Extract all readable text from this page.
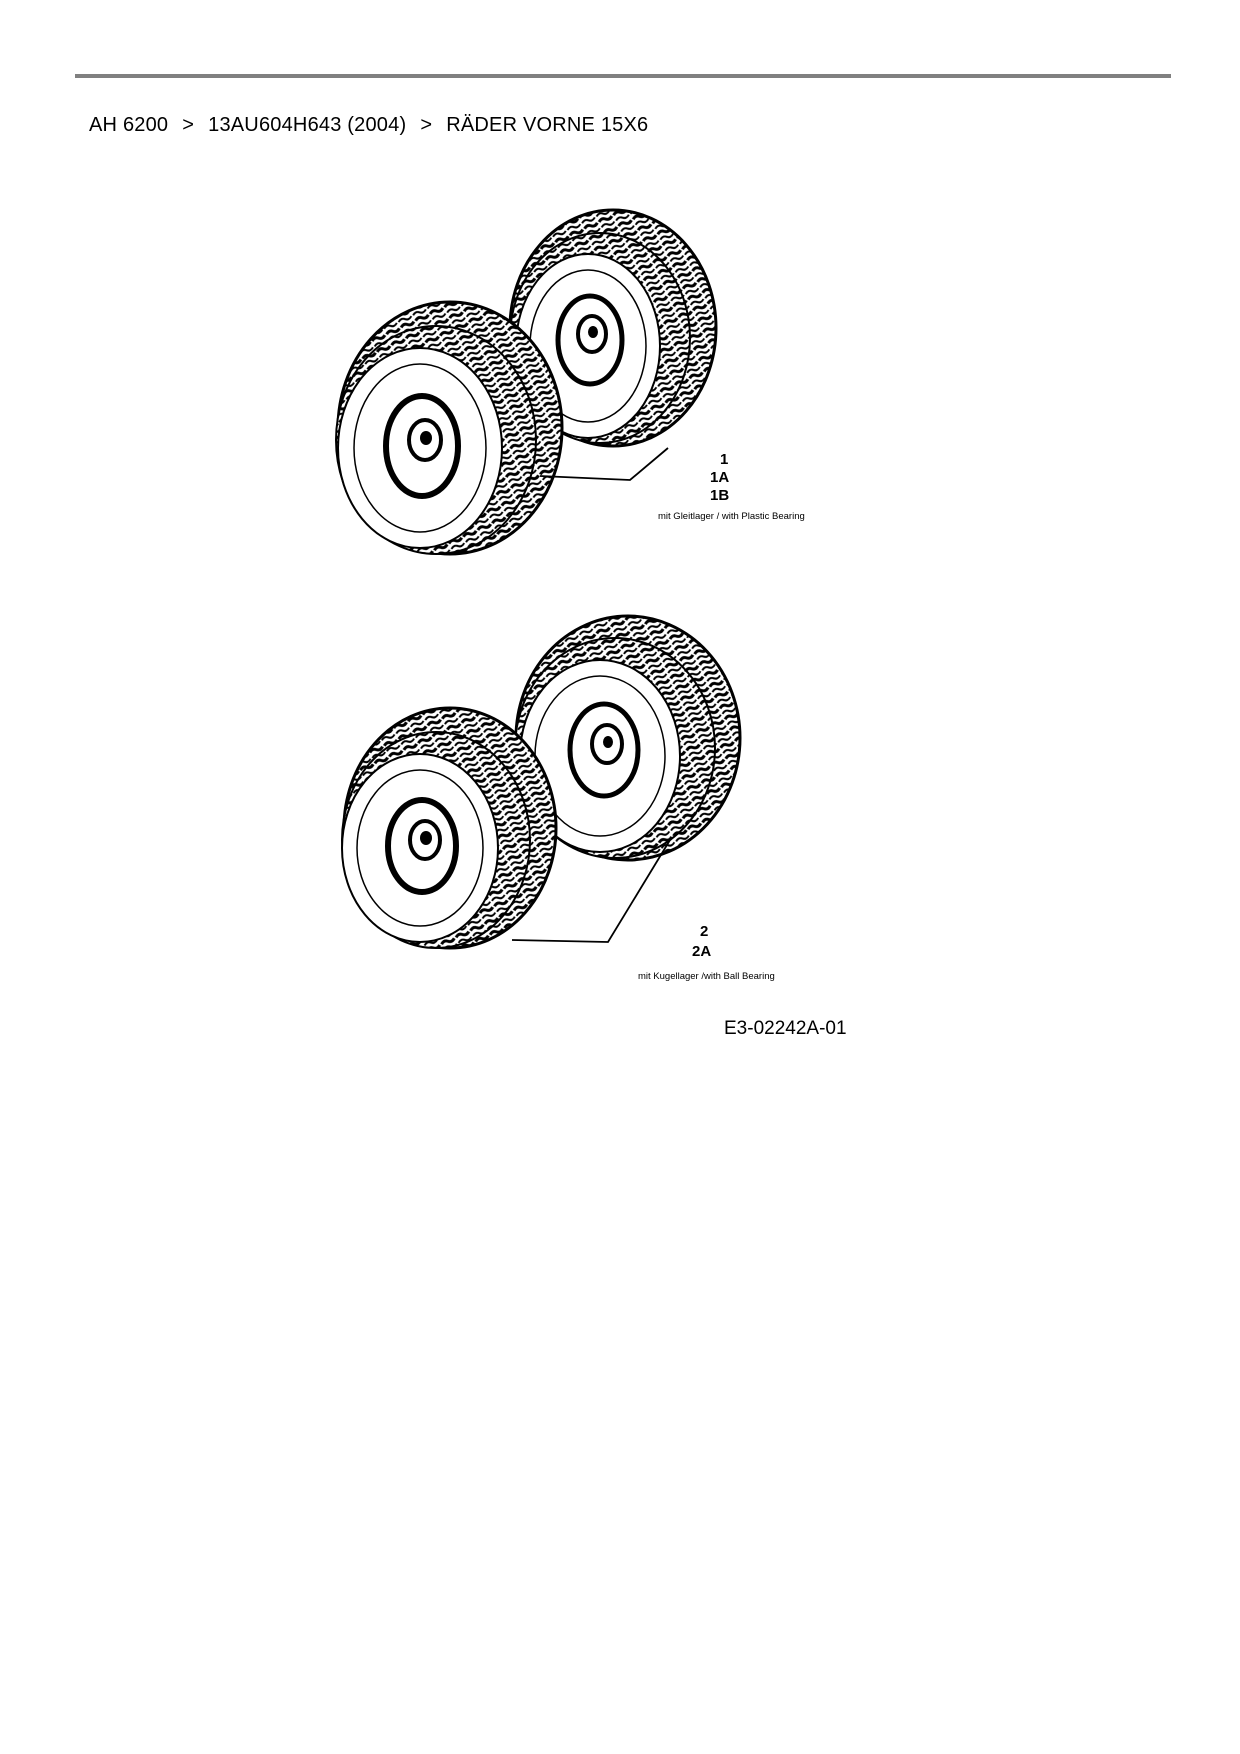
AH 6200 > 13AU604H643 (2004) > RÄDER VORNE 15X6
1
1A
1B
mit Gleitlager / with Plastic Bearing
2
2A
mit Kugellager /with Ball Bearing
E3-02242A-01
